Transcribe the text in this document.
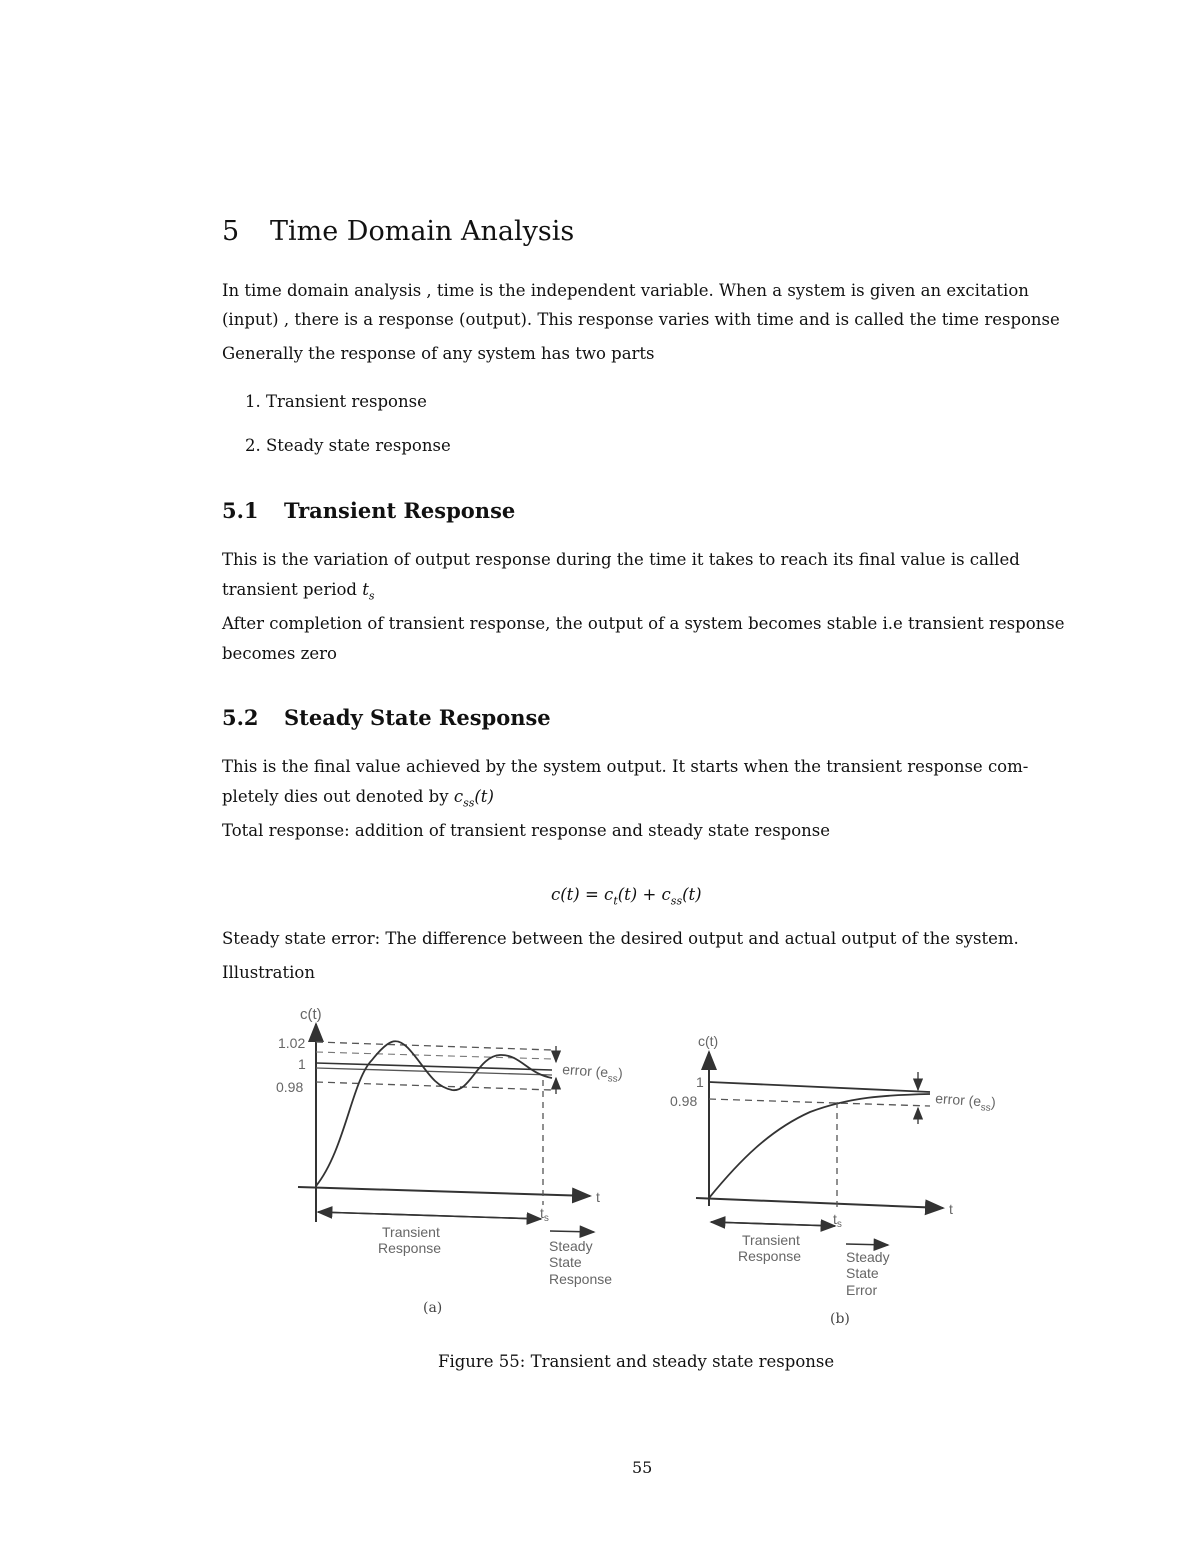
5 Time Domain Analysis
In time domain analysis , time is the independent variable. When a system is given an excitation
(input) , there is a response (output). This response varies with time and is called the time response
Generally the response of any system has two parts
1. Transient response
2. Steady state response
5.1 Transient Response
This is the variation of output response during the time it takes to reach its final value is called
transient period $t_s$
After completion of transient response, the output of a system becomes stable i.e transient response
becomes zero
5.2 Steady State Response
This is the final value achieved by the system output. It starts when the transient response com-
pletely dies out denoted by $c_{ss}(t)$
Total response: addition of transient response and steady state response
$c(t) = c_t(t) + c_{ss}(t)$
Steady state error: The difference between the desired output and actual output of the system.
Illustration
c(t)
1.02
1
0.98
error $(e_{ss})$
t
$t_s$
Transient
Response	Steady
State
Response
(a)
c(t)
1
0.98	error $(e_{ss})$
t
$t_s$
Transient
Response	Steady
State
Error
(b)
Figure 55: Transient and steady state response
55
